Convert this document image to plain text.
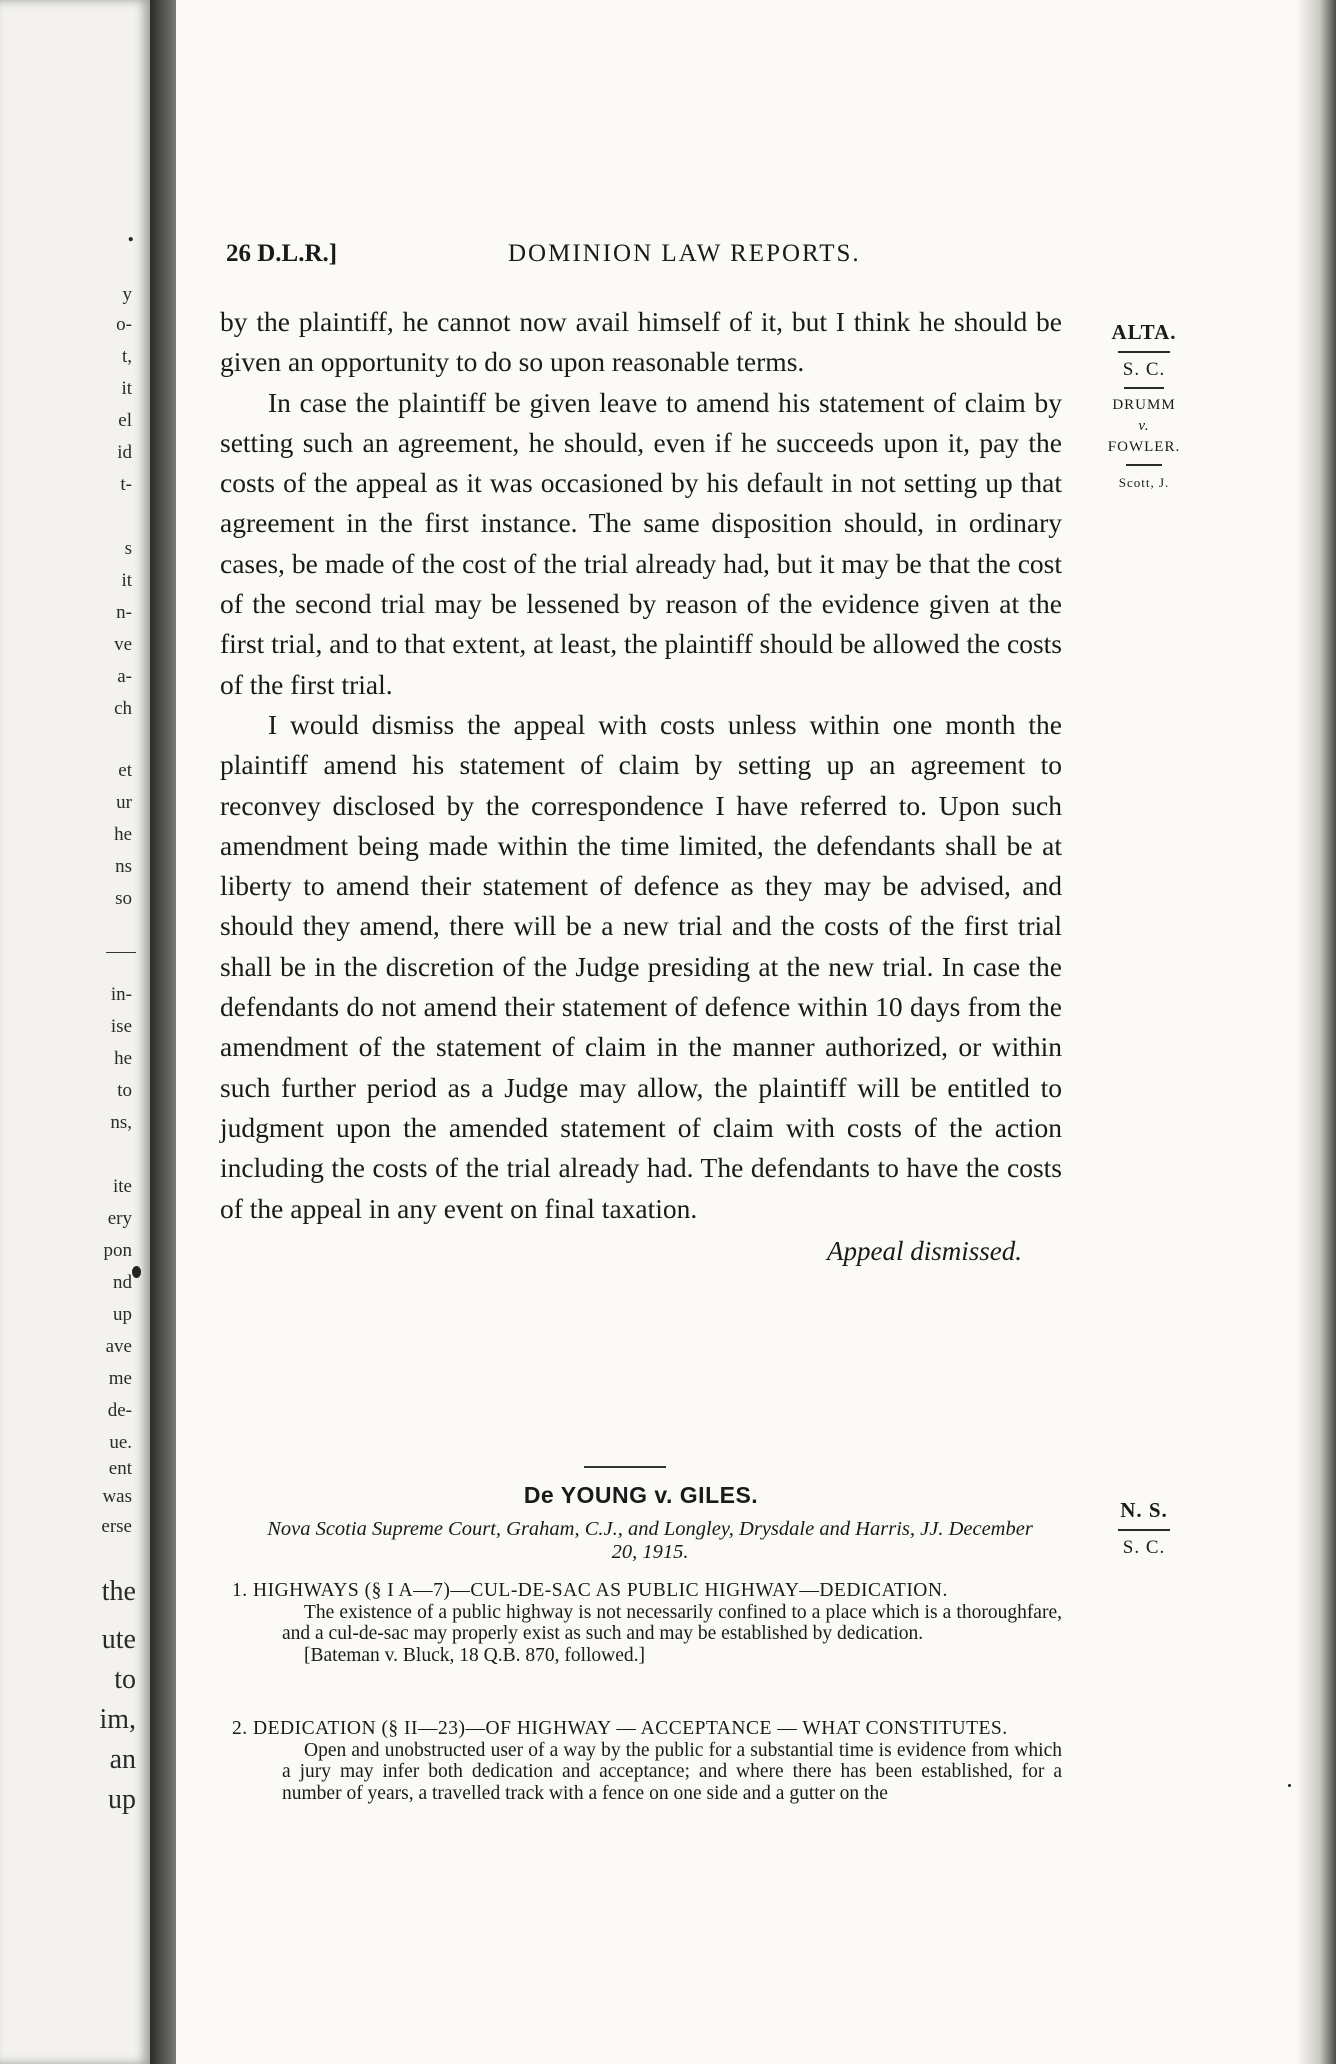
.
y
o-
t,
it
el
id
t-
s
it
n-
ve
a-
ch
et
ur
he
ns
so
in-
ise
he
to
ns,
ite
ery
pon
nd
up
ave
me
de-
ue.
ent
was
erse
the
ute
to
im,
an
up
26 D.L.R.]	DOMINION LAW REPORTS.
ALTA.
S. C.
DRUMM
v.
FOWLER.
Scott, J.

by the plaintiff, he cannot now avail himself of it, but I think he should be given an opportunity to do so upon reasonable terms.

In case the plaintiff be given leave to amend his statement of claim by setting such an agreement, he should, even if he succeeds upon it, pay the costs of the appeal as it was occasioned by his default in not setting up that agreement in the first instance. The same disposition should, in ordinary cases, be made of the cost of the trial already had, but it may be that the cost of the second trial may be lessened by reason of the evidence given at the first trial, and to that extent, at least, the plaintiff should be allowed the costs of the first trial.

I would dismiss the appeal with costs unless within one month the plaintiff amend his statement of claim by setting up an agreement to reconvey disclosed by the correspondence I have referred to. Upon such amendment being made within the time limited, the defendants shall be at liberty to amend their statement of defence as they may be advised, and should they amend, there will be a new trial and the costs of the first trial shall be in the discretion of the Judge presiding at the new trial. In case the defendants do not amend their statement of defence within 10 days from the amendment of the statement of claim in the manner authorized, or within such further period as a Judge may allow, the plaintiff will be entitled to judgment upon the amended statement of claim with costs of the action including the costs of the trial already had. The defendants to have the costs of the appeal in any event on final taxation.

Appeal dismissed.
De YOUNG v. GILES.
N. S.
S. C.
Nova Scotia Supreme Court, Graham, C.J., and Longley, Drysdale and Harris, JJ. December 20, 1915.

1. HIGHWAYS (§ I A—7)—CUL-DE-SAC AS PUBLIC HIGHWAY—DEDICATION.

The existence of a public highway is not necessarily confined to a place which is a thoroughfare, and a cul-de-sac may properly exist as such and may be established by dedication.

[Bateman v. Bluck, 18 Q.B. 870, followed.]

2. DEDICATION (§ II—23)—OF HIGHWAY — ACCEPTANCE — WHAT CONSTITUTES.

Open and unobstructed user of a way by the public for a substantial time is evidence from which a jury may infer both dedication and acceptance; and where there has been established, for a number of years, a travelled track with a fence on one side and a gutter on the
